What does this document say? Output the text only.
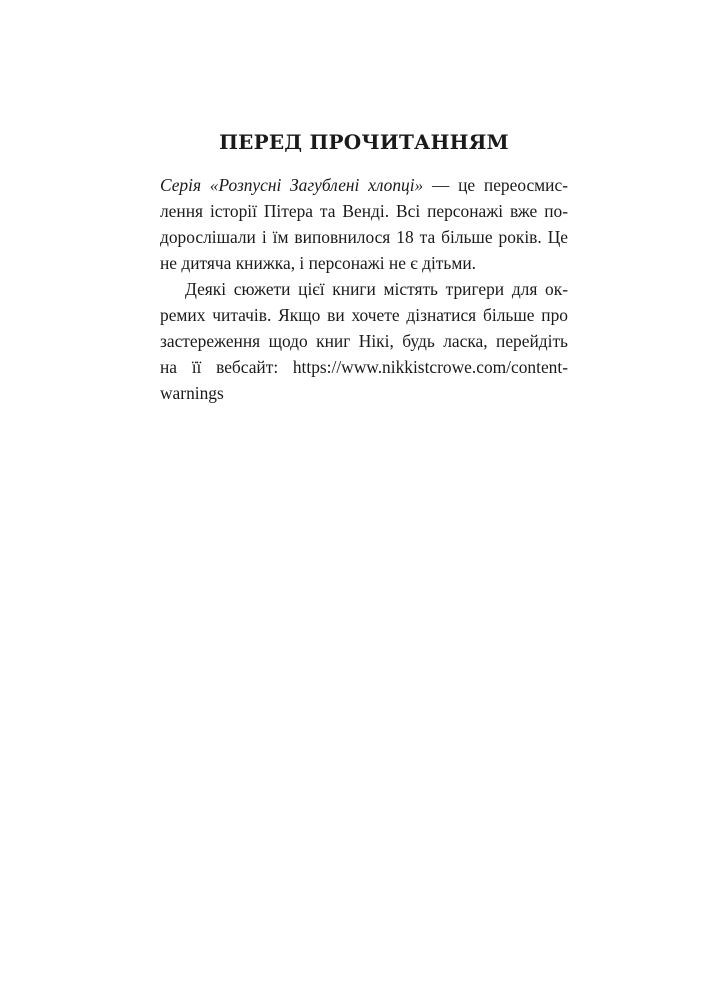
ПЕРЕД ПРОЧИТАННЯМ
Серія «Розпусні Загублені хлопці» — це переосмис-
лення історії Пітера та Венді. Всі персонажі вже по-
дорослішали і їм виповнилося 18 та більше років. Це
не дитяча книжка, і персонажі не є дітьми.
Деякі сюжети цієї книги містять тригери для ок-
ремих читачів. Якщо ви хочете дізнатися більше про
застереження щодо книг Нікі, будь ласка, перейдіть
на її вебсайт: https://www.nikkistcrowe.com/content-
warnings
